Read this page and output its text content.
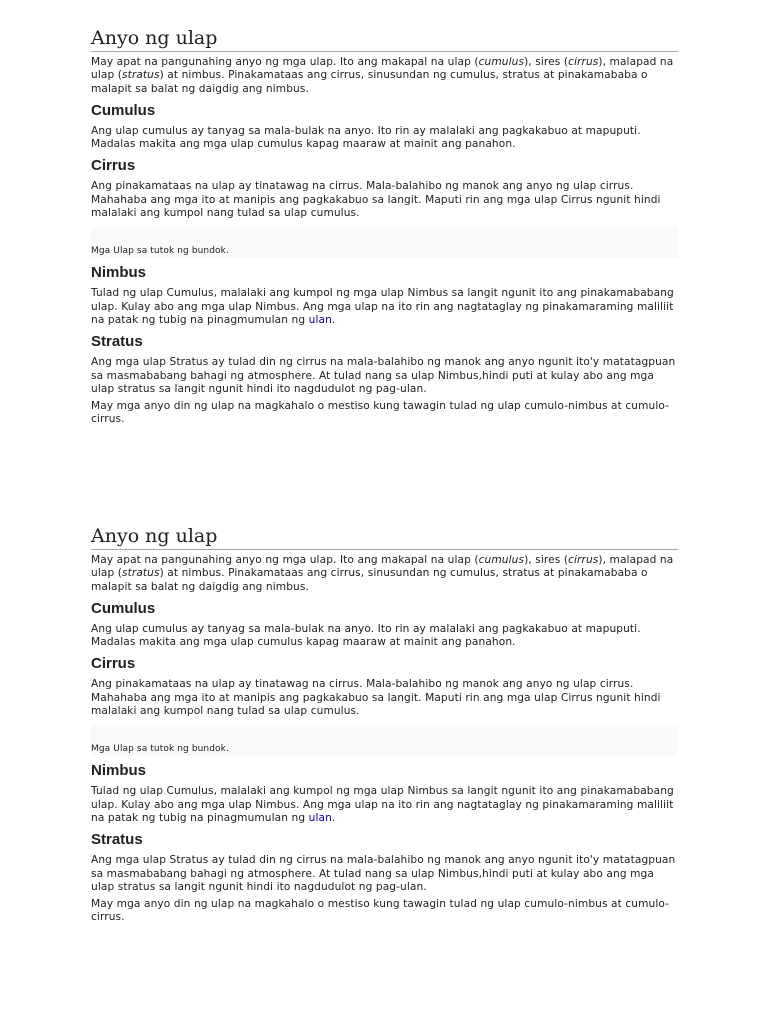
Anyo ng ulap

May apat na pangunahing anyo ng mga ulap. Ito ang makapal na ulap (cumulus), sires (cirrus), malapad na ulap (stratus) at nimbus. Pinakamataas ang cirrus, sinusundan ng cumulus, stratus at pinakamababa o malapit sa balat ng daigdig ang nimbus.

Cumulus

Ang ulap cumulus ay tanyag sa mala-bulak na anyo. Ito rin ay malalaki ang pagkakabuo at mapuputi. Madalas makita ang mga ulap cumulus kapag maaraw at mainit ang panahon.

Cirrus

Ang pinakamataas na ulap ay tinatawag na cirrus. Mala-balahibo ng manok ang anyo ng ulap cirrus. Mahahaba ang mga ito at manipis ang pagkakabuo sa langit. Maputi rin ang mga ulap Cirrus ngunit hindi malalaki ang kumpol nang tulad sa ulap cumulus.

Mga Ulap sa tutok ng bundok.
Nimbus

Tulad ng ulap Cumulus, malalaki ang kumpol ng mga ulap Nimbus sa langit ngunit ito ang pinakamababang ulap. Kulay abo ang mga ulap Nimbus. Ang mga ulap na ito rin ang nagtataglay ng pinakamaraming maliliit na patak ng tubig na pinagmumulan ng ulan.

Stratus

Ang mga ulap Stratus ay tulad din ng cirrus na mala-balahibo ng manok ang anyo ngunit ito'y matatagpuan sa masmababang bahagi ng atmosphere. At tulad nang sa ulap Nimbus,hindi puti at kulay abo ang mga ulap stratus sa langit ngunit hindi ito nagdudulot ng pag-ulan.

May mga anyo din ng ulap na magkahalo o mestiso kung tawagin tulad ng ulap cumulo-nimbus at cumulo-cirrus.

Anyo ng ulap

May apat na pangunahing anyo ng mga ulap. Ito ang makapal na ulap (cumulus), sires (cirrus), malapad na ulap (stratus) at nimbus. Pinakamataas ang cirrus, sinusundan ng cumulus, stratus at pinakamababa o malapit sa balat ng daigdig ang nimbus.

Cumulus

Ang ulap cumulus ay tanyag sa mala-bulak na anyo. Ito rin ay malalaki ang pagkakabuo at mapuputi. Madalas makita ang mga ulap cumulus kapag maaraw at mainit ang panahon.

Cirrus

Ang pinakamataas na ulap ay tinatawag na cirrus. Mala-balahibo ng manok ang anyo ng ulap cirrus. Mahahaba ang mga ito at manipis ang pagkakabuo sa langit. Maputi rin ang mga ulap Cirrus ngunit hindi malalaki ang kumpol nang tulad sa ulap cumulus.

Mga Ulap sa tutok ng bundok.
Nimbus

Tulad ng ulap Cumulus, malalaki ang kumpol ng mga ulap Nimbus sa langit ngunit ito ang pinakamababang ulap. Kulay abo ang mga ulap Nimbus. Ang mga ulap na ito rin ang nagtataglay ng pinakamaraming maliliit na patak ng tubig na pinagmumulan ng ulan.

Stratus

Ang mga ulap Stratus ay tulad din ng cirrus na mala-balahibo ng manok ang anyo ngunit ito'y matatagpuan sa masmababang bahagi ng atmosphere. At tulad nang sa ulap Nimbus,hindi puti at kulay abo ang mga ulap stratus sa langit ngunit hindi ito nagdudulot ng pag-ulan.

May mga anyo din ng ulap na magkahalo o mestiso kung tawagin tulad ng ulap cumulo-nimbus at cumulo-cirrus.
